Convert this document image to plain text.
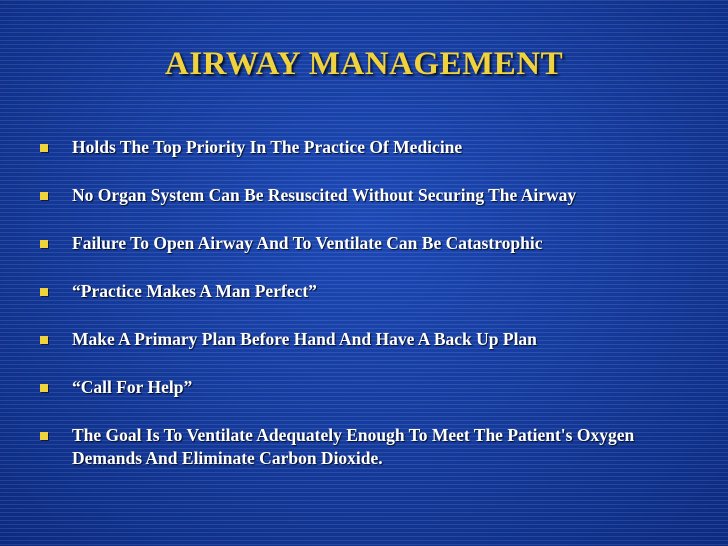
AIRWAY MANAGEMENT
Holds The Top Priority In The Practice Of Medicine
No Organ System Can Be Resuscited Without Securing The Airway
Failure To Open Airway And To Ventilate Can Be Catastrophic
“Practice Makes A Man Perfect”
Make A Primary Plan Before Hand And Have A Back Up Plan
“Call For Help”
The Goal Is To Ventilate Adequately Enough To Meet The Patient's Oxygen Demands And Eliminate Carbon Dioxide.
